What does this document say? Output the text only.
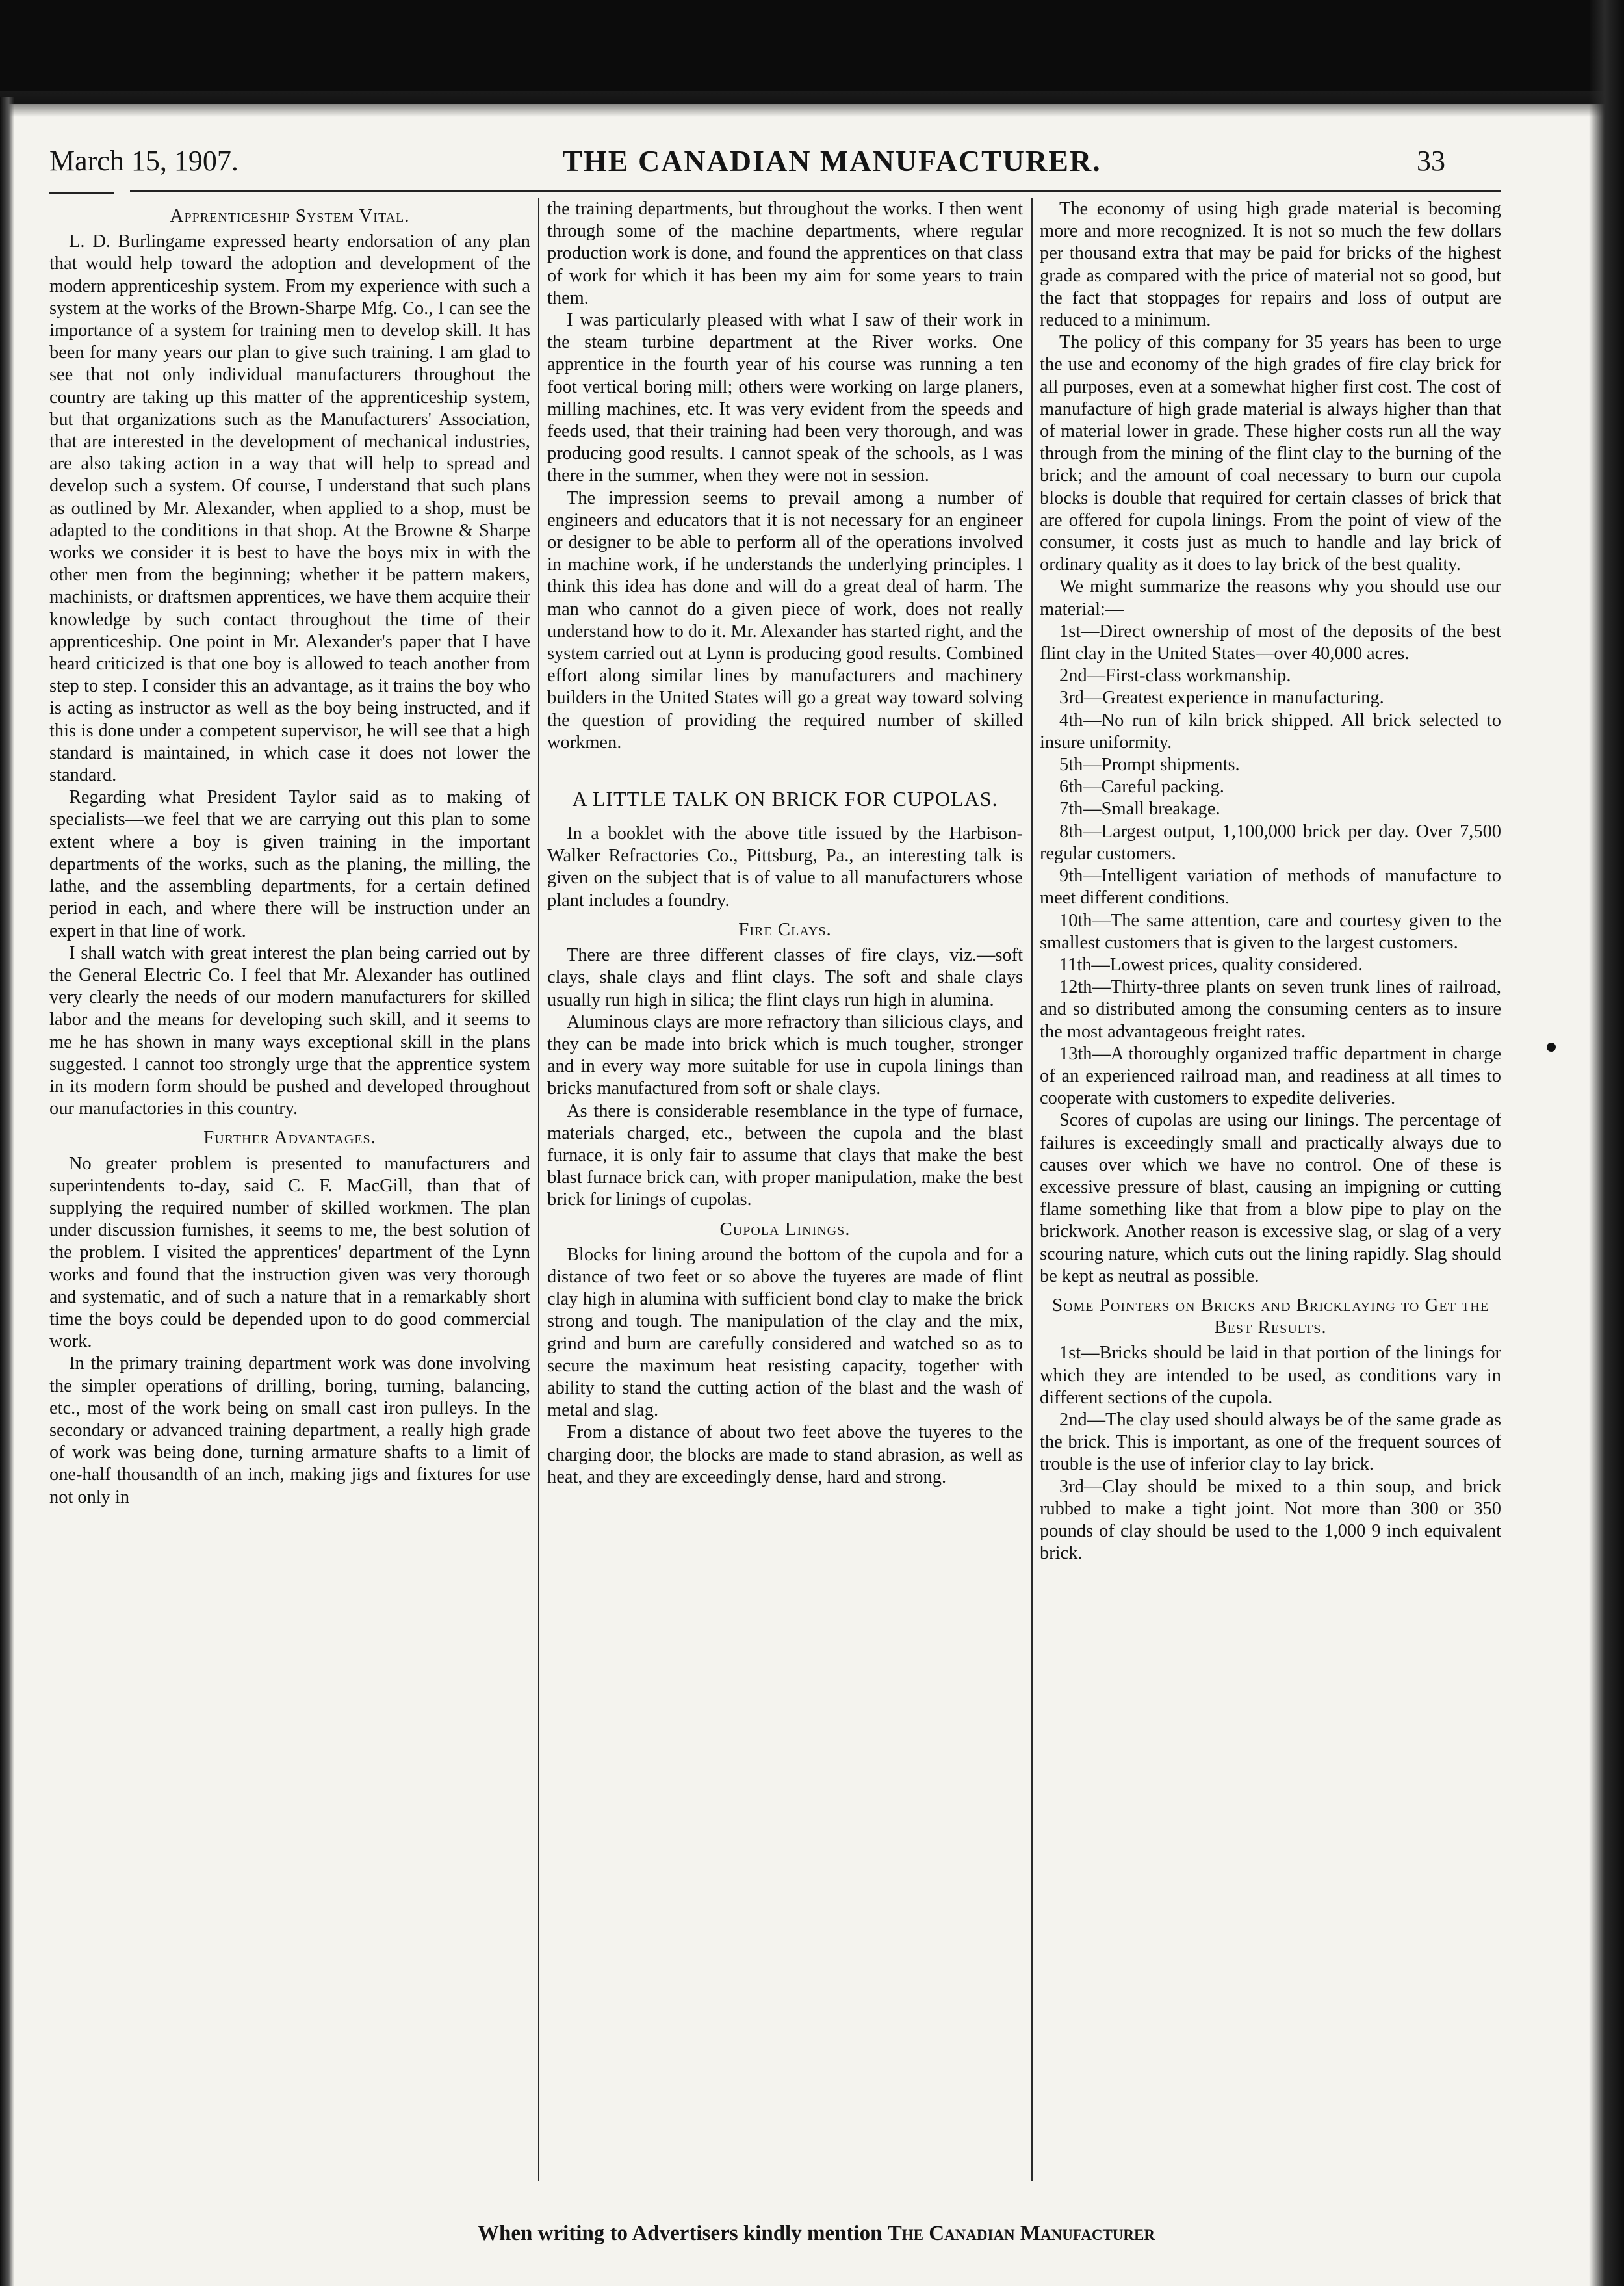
March 15, 1907.	THE CANADIAN MANUFACTURER.	33
Apprenticeship System Vital.

L. D. Burlingame expressed hearty endorsation of any plan that would help toward the adoption and development of the modern apprenticeship system. From my experience with such a system at the works of the Brown-Sharpe Mfg. Co., I can see the importance of a system for training men to develop skill. It has been for many years our plan to give such training. I am glad to see that not only individual manufacturers throughout the country are taking up this matter of the apprenticeship system, but that organizations such as the Manufacturers' Association, that are interested in the development of mechanical industries, are also taking action in a way that will help to spread and develop such a system. Of course, I understand that such plans as outlined by Mr. Alexander, when applied to a shop, must be adapted to the conditions in that shop. At the Browne & Sharpe works we consider it is best to have the boys mix in with the other men from the beginning; whether it be pattern makers, machinists, or draftsmen apprentices, we have them acquire their knowledge by such contact throughout the time of their apprenticeship. One point in Mr. Alexander's paper that I have heard criticized is that one boy is allowed to teach another from step to step. I consider this an advantage, as it trains the boy who is acting as instructor as well as the boy being instructed, and if this is done under a competent supervisor, he will see that a high standard is maintained, in which case it does not lower the standard.

Regarding what President Taylor said as to making of specialists—we feel that we are carrying out this plan to some extent where a boy is given training in the important departments of the works, such as the planing, the milling, the lathe, and the assembling departments, for a certain defined period in each, and where there will be instruction under an expert in that line of work.

I shall watch with great interest the plan being carried out by the General Electric Co. I feel that Mr. Alexander has outlined very clearly the needs of our modern manufacturers for skilled labor and the means for developing such skill, and it seems to me he has shown in many ways exceptional skill in the plans suggested. I cannot too strongly urge that the apprentice system in its modern form should be pushed and developed throughout our manufactories in this country.

Further Advantages.

No greater problem is presented to manufacturers and superintendents to-day, said C. F. MacGill, than that of supplying the required number of skilled workmen. The plan under discussion furnishes, it seems to me, the best solution of the problem. I visited the apprentices' department of the Lynn works and found that the instruction given was very thorough and systematic, and of such a nature that in a remarkably short time the boys could be depended upon to do good commercial work.

In the primary training department work was done involving the simpler operations of drilling, boring, turning, balancing, etc., most of the work being on small cast iron pulleys. In the secondary or advanced training department, a really high grade of work was being done, turning armature shafts to a limit of one-half thousandth of an inch, making jigs and fixtures for use not only in

the training departments, but throughout the works. I then went through some of the machine departments, where regular production work is done, and found the apprentices on that class of work for which it has been my aim for some years to train them.

I was particularly pleased with what I saw of their work in the steam turbine department at the River works. One apprentice in the fourth year of his course was running a ten foot vertical boring mill; others were working on large planers, milling machines, etc. It was very evident from the speeds and feeds used, that their training had been very thorough, and was producing good results. I cannot speak of the schools, as I was there in the summer, when they were not in session.

The impression seems to prevail among a number of engineers and educators that it is not necessary for an engineer or designer to be able to perform all of the operations involved in machine work, if he understands the underlying principles. I think this idea has done and will do a great deal of harm. The man who cannot do a given piece of work, does not really understand how to do it. Mr. Alexander has started right, and the system carried out at Lynn is producing good results. Combined effort along similar lines by manufacturers and machinery builders in the United States will go a great way toward solving the question of providing the required number of skilled workmen.

A LITTLE TALK ON BRICK FOR CUPOLAS.

In a booklet with the above title issued by the Harbison-Walker Refractories Co., Pittsburg, Pa., an interesting talk is given on the subject that is of value to all manufacturers whose plant includes a foundry.

Fire Clays.

There are three different classes of fire clays, viz.—soft clays, shale clays and flint clays. The soft and shale clays usually run high in silica; the flint clays run high in alumina.

Aluminous clays are more refractory than silicious clays, and they can be made into brick which is much tougher, stronger and in every way more suitable for use in cupola linings than bricks manufactured from soft or shale clays.

As there is considerable resemblance in the type of furnace, materials charged, etc., between the cupola and the blast furnace, it is only fair to assume that clays that make the best blast furnace brick can, with proper manipulation, make the best brick for linings of cupolas.

Cupola Linings.

Blocks for lining around the bottom of the cupola and for a distance of two feet or so above the tuyeres are made of flint clay high in alumina with sufficient bond clay to make the brick strong and tough. The manipulation of the clay and the mix, grind and burn are carefully considered and watched so as to secure the maximum heat resisting capacity, together with ability to stand the cutting action of the blast and the wash of metal and slag.

From a distance of about two feet above the tuyeres to the charging door, the blocks are made to stand abrasion, as well as heat, and they are exceedingly dense, hard and strong.

The economy of using high grade material is becoming more and more recognized. It is not so much the few dollars per thousand extra that may be paid for bricks of the highest grade as compared with the price of material not so good, but the fact that stoppages for repairs and loss of output are reduced to a minimum.

The policy of this company for 35 years has been to urge the use and economy of the high grades of fire clay brick for all purposes, even at a somewhat higher first cost. The cost of manufacture of high grade material is always higher than that of material lower in grade. These higher costs run all the way through from the mining of the flint clay to the burning of the brick; and the amount of coal necessary to burn our cupola blocks is double that required for certain classes of brick that are offered for cupola linings. From the point of view of the consumer, it costs just as much to handle and lay brick of ordinary quality as it does to lay brick of the best quality.

We might summarize the reasons why you should use our material:—

1st—Direct ownership of most of the deposits of the best flint clay in the United States—over 40,000 acres.

2nd—First-class workmanship.

3rd—Greatest experience in manufacturing.

4th—No run of kiln brick shipped. All brick selected to insure uniformity.

5th—Prompt shipments.

6th—Careful packing.

7th—Small breakage.

8th—Largest output, 1,100,000 brick per day. Over 7,500 regular customers.

9th—Intelligent variation of methods of manufacture to meet different conditions.

10th—The same attention, care and courtesy given to the smallest customers that is given to the largest customers.

11th—Lowest prices, quality considered.

12th—Thirty-three plants on seven trunk lines of railroad, and so distributed among the consuming centers as to insure the most advantageous freight rates.

13th—A thoroughly organized traffic department in charge of an experienced railroad man, and readiness at all times to cooperate with customers to expedite deliveries.

Scores of cupolas are using our linings. The percentage of failures is exceedingly small and practically always due to causes over which we have no control. One of these is excessive pressure of blast, causing an impigning or cutting flame something like that from a blow pipe to play on the brickwork. Another reason is excessive slag, or slag of a very scouring nature, which cuts out the lining rapidly. Slag should be kept as neutral as possible.

Some Pointers on Bricks and Bricklaying to Get the Best Results.

1st—Bricks should be laid in that portion of the linings for which they are intended to be used, as conditions vary in different sections of the cupola.

2nd—The clay used should always be of the same grade as the brick. This is important, as one of the frequent sources of trouble is the use of inferior clay to lay brick.

3rd—Clay should be mixed to a thin soup, and brick rubbed to make a tight joint. Not more than 300 or 350 pounds of clay should be used to the 1,000 9 inch equivalent brick.

When writing to Advertisers kindly mention The Canadian Manufacturer
